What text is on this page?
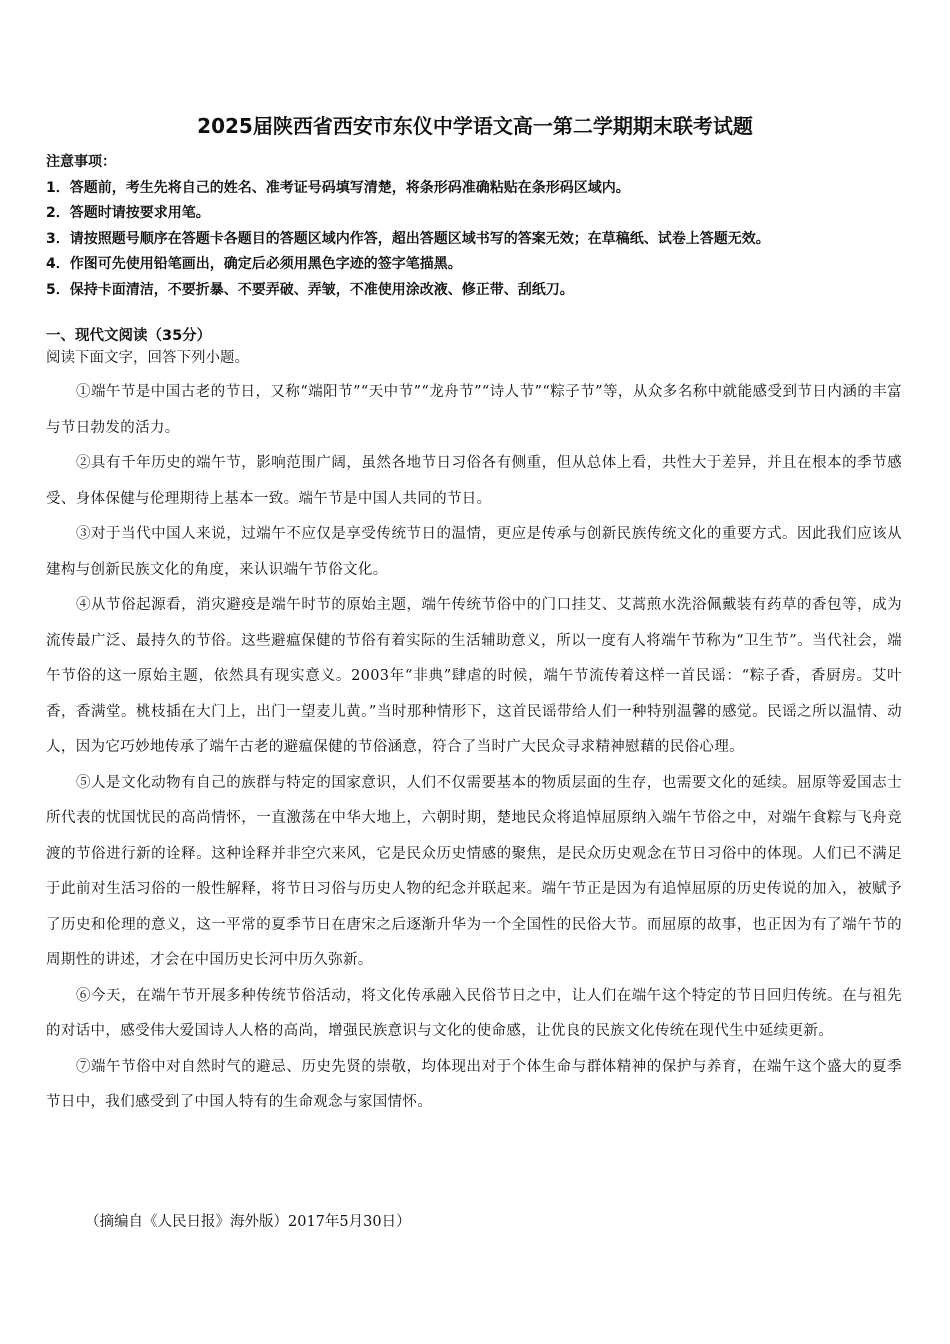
2025届陕西省西安市东仪中学语文高一第二学期期末联考试题
注意事项：
1．答题前，考生先将自己的姓名、准考证号码填写清楚，将条形码准确粘贴在条形码区域内。
2．答题时请按要求用笔。
3．请按照题号顺序在答题卡各题目的答题区域内作答，超出答题区域书写的答案无效；在草稿纸、试卷上答题无效。
4．作图可先使用铅笔画出，确定后必须用黑色字迹的签字笔描黑。
5．保持卡面清洁，不要折暴、不要弄破、弄皱，不准使用涂改液、修正带、刮纸刀。
一、现代文阅读（35分）
阅读下面文字，回答下列小题。

①端午节是中国古老的节日，又称“端阳节”“天中节”“龙舟节”“诗人节”“粽子节”等，从众多名称中就能感受到节日内涵的丰富与节日勃发的活力。

②具有千年历史的端午节，影响范围广阔，虽然各地节日习俗各有侧重，但从总体上看，共性大于差异，并且在根本的季节感受、身体保健与伦理期待上基本一致。端午节是中国人共同的节日。

③对于当代中国人来说，过端午不应仅是享受传统节日的温情，更应是传承与创新民族传统文化的重要方式。因此我们应该从建构与创新民族文化的角度，来认识端午节俗文化。

④从节俗起源看，消灾避疫是端午时节的原始主题，端午传统节俗中的门口挂艾、艾蒿煎水洗浴佩戴装有药草的香包等，成为流传最广泛、最持久的节俗。这些避瘟保健的节俗有着实际的生活辅助意义，所以一度有人将端午节称为“卫生节”。当代社会，端午节俗的这一原始主题，依然具有现实意义。2003年“非典”肆虐的时候，端午节流传着这样一首民谣：“粽子香，香厨房。艾叶香，香满堂。桃枝插在大门上，出门一望麦儿黄。”当时那种情形下，这首民谣带给人们一种特别温馨的感觉。民谣之所以温情、动人，因为它巧妙地传承了端午古老的避瘟保健的节俗涵意，符合了当时广大民众寻求精神慰藉的民俗心理。

⑤人是文化动物有自己的族群与特定的国家意识，人们不仅需要基本的物质层面的生存，也需要文化的延续。屈原等爱国志士所代表的忧国忧民的高尚情怀，一直激荡在中华大地上，六朝时期，楚地民众将追悼屈原纳入端午节俗之中，对端午食粽与飞舟竞渡的节俗进行新的诠释。这种诠释并非空穴来风，它是民众历史情感的聚焦，是民众历史观念在节日习俗中的体现。人们已不满足于此前对生活习俗的一般性解释，将节日习俗与历史人物的纪念并联起来。端午节正是因为有追悼屈原的历史传说的加入，被赋予了历史和伦理的意义，这一平常的夏季节日在唐宋之后逐渐升华为一个全国性的民俗大节。而屈原的故事，也正因为有了端午节的周期性的讲述，才会在中国历史长河中历久弥新。

⑥今天，在端午节开展多种传统节俗活动，将文化传承融入民俗节日之中，让人们在端午这个特定的节日回归传统。在与祖先的对话中，感受伟大爱国诗人人格的高尚，增强民族意识与文化的使命感，让优良的民族文化传统在现代生中延续更新。

⑦端午节俗中对自然时气的避忌、历史先贤的崇敬，均体现出对于个体生命与群体精神的保护与养育，在端午这个盛大的夏季节日中，我们感受到了中国人特有的生命观念与家国情怀。

（摘编自《人民日报》海外版）2017年5月30日）
